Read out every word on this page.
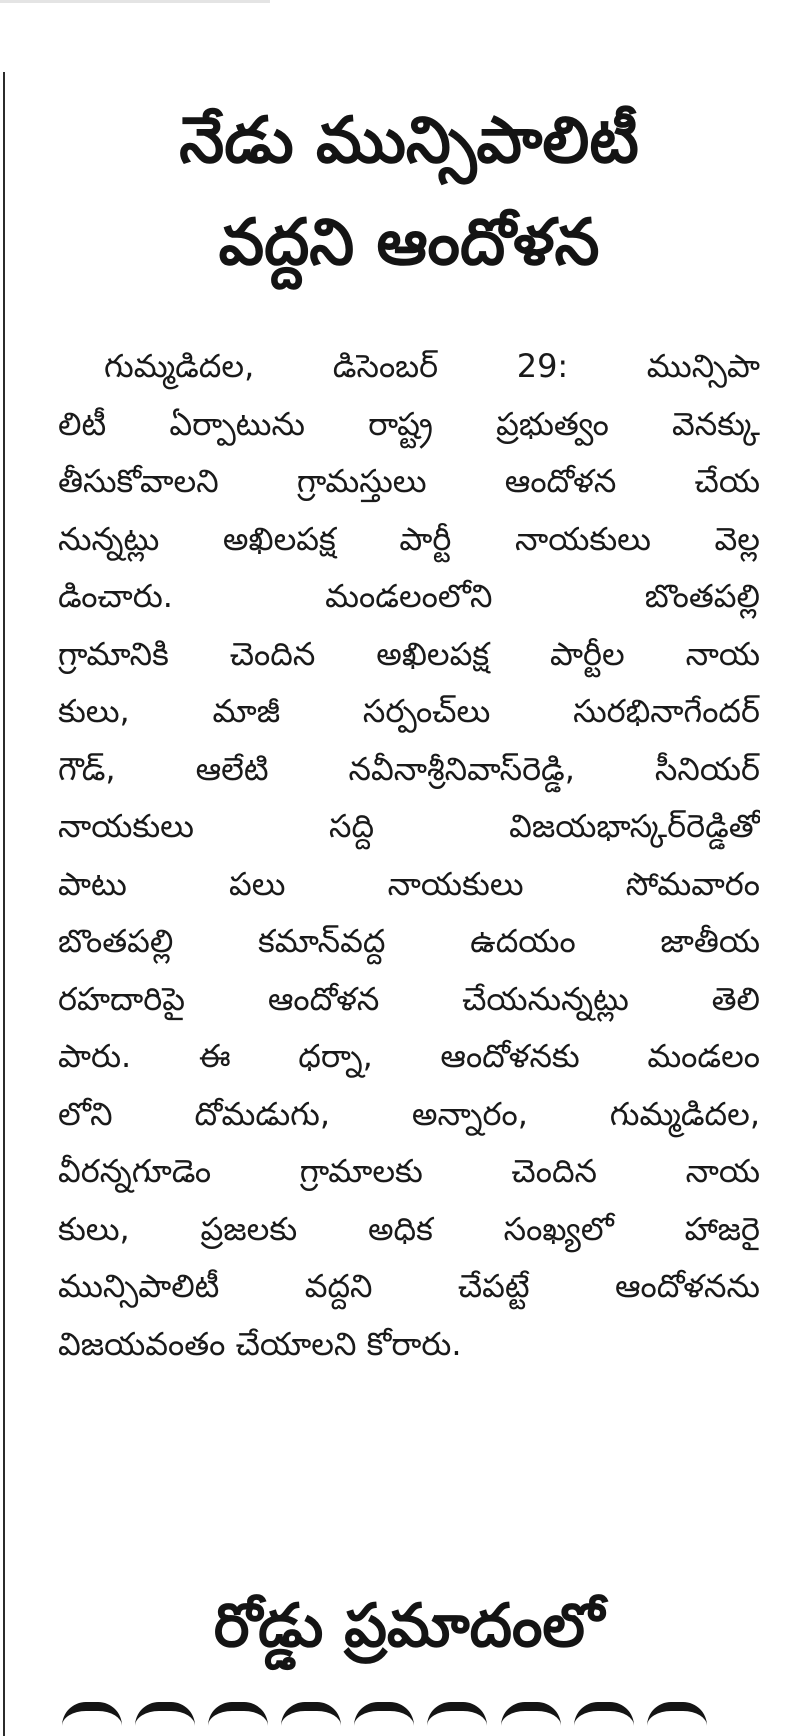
నేడు మున్సిపాలిటీ
వద్దని ఆందోళన
గుమ్మడిదల, డిసెంబర్ 29: మున్సిపా
లిటీ ఏర్పాటును రాష్ట్ర ప్రభుత్వం వెనక్కు
తీసుకోవాలని గ్రామస్తులు ఆందోళన చేయ
నున్నట్లు అఖిలపక్ష పార్టీ నాయకులు వెల్ల
డించారు. మండలంలోని బొంతపల్లి
గ్రామానికి చెందిన అఖిలపక్ష పార్టీల నాయ
కులు, మాజీ సర్పంచ్‌లు సురభినాగేందర్
గౌడ్, ఆలేటి నవీనాశ్రీనివాస్‌రెడ్డి, సీనియర్
నాయకులు సద్ది విజయభాస్కర్‌రెడ్డితో
పాటు పలు నాయకులు సోమవారం
బొంతపల్లి కమాన్‌వద్ద ఉదయం జాతీయ
రహదారిపై ఆందోళన చేయనున్నట్లు తెలి
పారు. ఈ ధర్నా, ఆందోళనకు మండలం
లోని దోమడుగు, అన్నారం, గుమ్మడిదల,
వీరన్నగూడెం గ్రామాలకు చెందిన నాయ
కులు, ప్రజలకు అధిక సంఖ్యలో హాజరై
మున్సిపాలిటీ వద్దని చేపట్టే ఆందోళనను
విజయవంతం చేయాలని కోరారు.
రోడ్డు ప్రమాదంలో
